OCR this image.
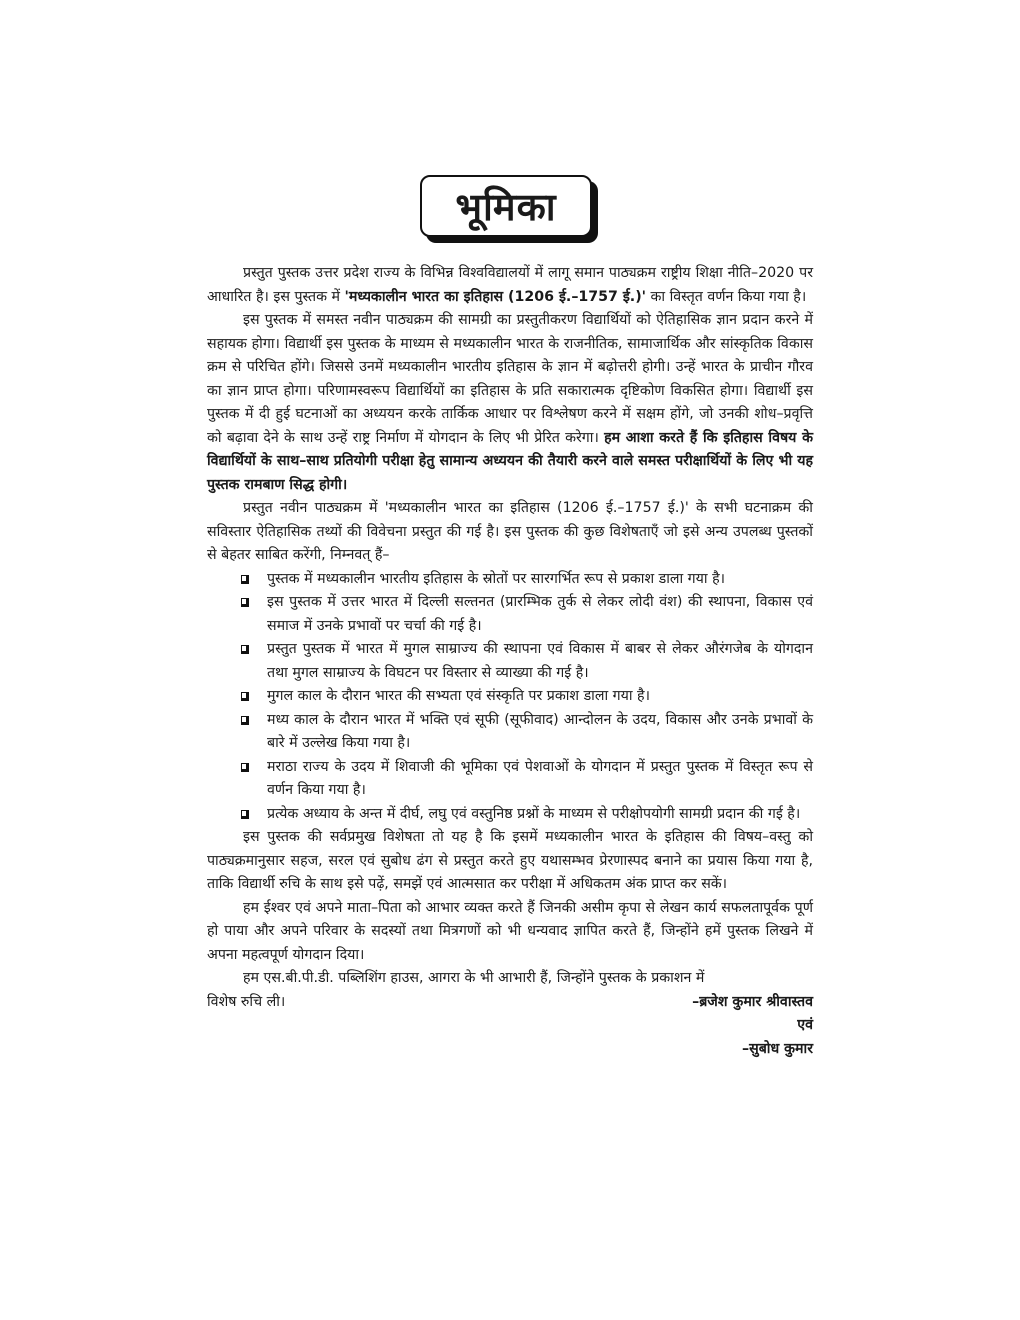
भूमिका

प्रस्तुत पुस्तक उत्तर प्रदेश राज्य के विभिन्न विश्वविद्यालयों में लागू समान पाठ्यक्रम राष्ट्रीय शिक्षा नीति–2020 पर आधारित है। इस पुस्तक में 'मध्यकालीन भारत का इतिहास (1206 ई.–1757 ई.)' का विस्तृत वर्णन किया गया है।

इस पुस्तक में समस्त नवीन पाठ्यक्रम की सामग्री का प्रस्तुतीकरण विद्यार्थियों को ऐतिहासिक ज्ञान प्रदान करने में सहायक होगा। विद्यार्थी इस पुस्तक के माध्यम से मध्यकालीन भारत के राजनीतिक, सामाजार्थिक और सांस्कृतिक विकास क्रम से परिचित होंगे। जिससे उनमें मध्यकालीन भारतीय इतिहास के ज्ञान में बढ़ोत्तरी होगी। उन्हें भारत के प्राचीन गौरव का ज्ञान प्राप्त होगा। परिणामस्वरूप विद्यार्थियों का इतिहास के प्रति सकारात्मक दृष्टिकोण विकसित होगा। विद्यार्थी इस पुस्तक में दी हुई घटनाओं का अध्ययन करके तार्किक आधार पर विश्लेषण करने में सक्षम होंगे, जो उनकी शोध–प्रवृत्ति को बढ़ावा देने के साथ उन्हें राष्ट्र निर्माण में योगदान के लिए भी प्रेरित करेगा। हम आशा करते हैं कि इतिहास विषय के विद्यार्थियों के साथ–साथ प्रतियोगी परीक्षा हेतु सामान्य अध्ययन की तैयारी करने वाले समस्त परीक्षार्थियों के लिए भी यह पुस्तक रामबाण सिद्ध होगी।

प्रस्तुत नवीन पाठ्यक्रम में 'मध्यकालीन भारत का इतिहास (1206 ई.–1757 ई.)' के सभी घटनाक्रम की सविस्तार ऐतिहासिक तथ्यों की विवेचना प्रस्तुत की गई है। इस पुस्तक की कुछ विशेषताएँ जो इसे अन्य उपलब्ध पुस्तकों से बेहतर साबित करेंगी, निम्नवत् हैं–

पुस्तक में मध्यकालीन भारतीय इतिहास के स्रोतों पर सारगर्भित रूप से प्रकाश डाला गया है।
इस पुस्तक में उत्तर भारत में दिल्ली सल्तनत (प्रारम्भिक तुर्क से लेकर लोदी वंश) की स्थापना, विकास एवं समाज में उनके प्रभावों पर चर्चा की गई है।
प्रस्तुत पुस्तक में भारत में मुगल साम्राज्य की स्थापना एवं विकास में बाबर से लेकर औरंगजेब के योगदान तथा मुगल साम्राज्य के विघटन पर विस्तार से व्याख्या की गई है।
मुगल काल के दौरान भारत की सभ्यता एवं संस्कृति पर प्रकाश डाला गया है।
मध्य काल के दौरान भारत में भक्ति एवं सूफी (सूफीवाद) आन्दोलन के उदय, विकास और उनके प्रभावों के बारे में उल्लेख किया गया है।
मराठा राज्य के उदय में शिवाजी की भूमिका एवं पेशवाओं के योगदान में प्रस्तुत पुस्तक में विस्तृत रूप से वर्णन किया गया है।
प्रत्येक अध्याय के अन्त में दीर्घ, लघु एवं वस्तुनिष्ठ प्रश्नों के माध्यम से परीक्षोपयोगी सामग्री प्रदान की गई है।

इस पुस्तक की सर्वप्रमुख विशेषता तो यह है कि इसमें मध्यकालीन भारत के इतिहास की विषय–वस्तु को पाठ्यक्रमानुसार सहज, सरल एवं सुबोध ढंग से प्रस्तुत करते हुए यथासम्भव प्रेरणास्पद बनाने का प्रयास किया गया है, ताकि विद्यार्थी रुचि के साथ इसे पढ़ें, समझें एवं आत्मसात कर परीक्षा में अधिकतम अंक प्राप्त कर सकें।

हम ईश्वर एवं अपने माता–पिता को आभार व्यक्त करते हैं जिनकी असीम कृपा से लेखन कार्य सफलतापूर्वक पूर्ण हो पाया और अपने परिवार के सदस्यों तथा मित्रगणों को भी धन्यवाद ज्ञापित करते हैं, जिन्होंने हमें पुस्तक लिखने में अपना महत्वपूर्ण योगदान दिया।

हम एस.बी.पी.डी. पब्लिशिंग हाउस, आगरा के भी आभारी हैं, जिन्होंने पुस्तक के प्रकाशन में

विशेष रुचि ली।	–ब्रजेश कुमार श्रीवास्तव
एवं
–सुबोध कुमार
